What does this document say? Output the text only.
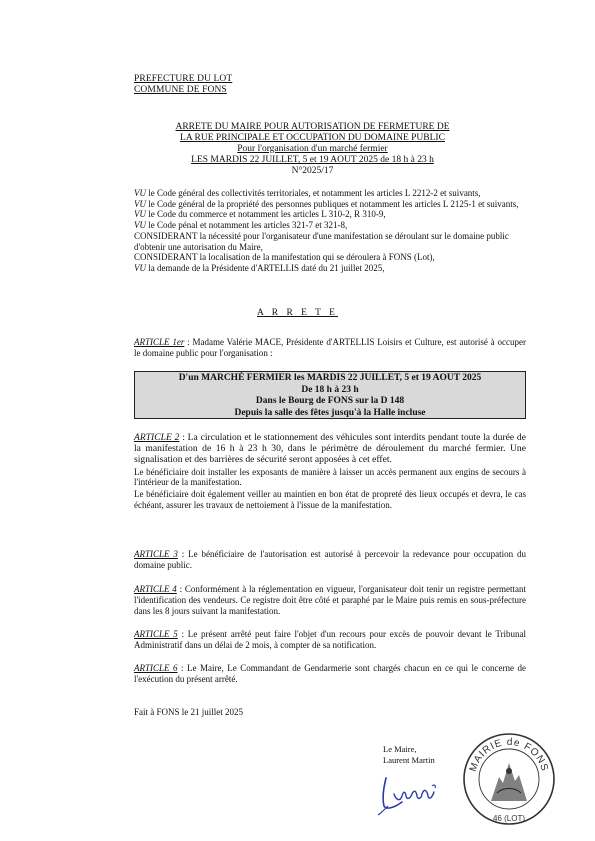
PREFECTURE DU LOT
COMMUNE DE FONS
ARRETE DU MAIRE POUR AUTORISATION DE FERMETURE DE
LA RUE PRINCIPALE ET OCCUPATION DU DOMAINE PUBLIC
Pour l'organisation d'un marché fermier
LES MARDIS 22 JUILLET, 5 et 19 AOUT 2025 de 18 h à 23 h
N°2025/17

VU le Code général des collectivités territoriales, et notamment les articles L 2212-2 et suivants,

VU le Code général de la propriété des personnes publiques et notamment les articles L 2125-1 et suivants,

VU le Code du commerce et notamment les articles L 310-2, R 310-9,

VU le Code pénal et notamment les articles 321-7 et 321-8,

CONSIDERANT la nécessité pour l'organisateur d'une manifestation se déroulant sur le domaine public d'obtenir une autorisation du Maire,

CONSIDERANT la localisation de la manifestation qui se déroulera à FONS (Lot),

VU la demande de la Présidente d'ARTELLIS daté du 21 juillet 2025,

A R R E T E

ARTICLE 1er : Madame Valérie MACE, Présidente d'ARTELLIS Loisirs et Culture, est autorisé à occuper le domaine public pour l'organisation :

D'un MARCHÉ FERMIER les MARDIS 22 JUILLET, 5 et 19 AOUT 2025
De 18 h à 23 h
Dans le Bourg de FONS sur la D 148
Depuis la salle des fêtes jusqu'à la Halle incluse

ARTICLE 2 : La circulation et le stationnement des véhicules sont interdits pendant toute la durée de la manifestation de 16 h à 23 h 30, dans le périmètre de déroulement du marché fermier. Une signalisation et des barrières de sécurité seront apposées à cet effet.

Le bénéficiaire doit installer les exposants de manière à laisser un accès permanent aux engins de secours à l'intérieur de la manifestation.

Le bénéficiaire doit également veiller au maintien en bon état de propreté des lieux occupés et devra, le cas échéant, assurer les travaux de nettoiement à l'issue de la manifestation.

ARTICLE 3 : Le bénéficiaire de l'autorisation est autorisé à percevoir la redevance pour occupation du domaine public.

ARTICLE 4 : Conformément à la réglementation en vigueur, l'organisateur doit tenir un registre permettant l'identification des vendeurs. Ce registre doit être côté et paraphé par le Maire puis remis en sous-préfecture dans les 8 jours suivant la manifestation.

ARTICLE 5 : Le présent arrêté peut faire l'objet d'un recours pour excès de pouvoir devant le Tribunal Administratif dans un délai de 2 mois, à compter de sa notification.

ARTICLE 6 : Le Maire, Le Commandant de Gendarmerie sont chargés chacun en ce qui le concerne de l'exécution du présent arrêté.

Fait à FONS le 21 juillet 2025
Le Maire,
Laurent Martin
MAIRIE de FONS
46 (LOT)
